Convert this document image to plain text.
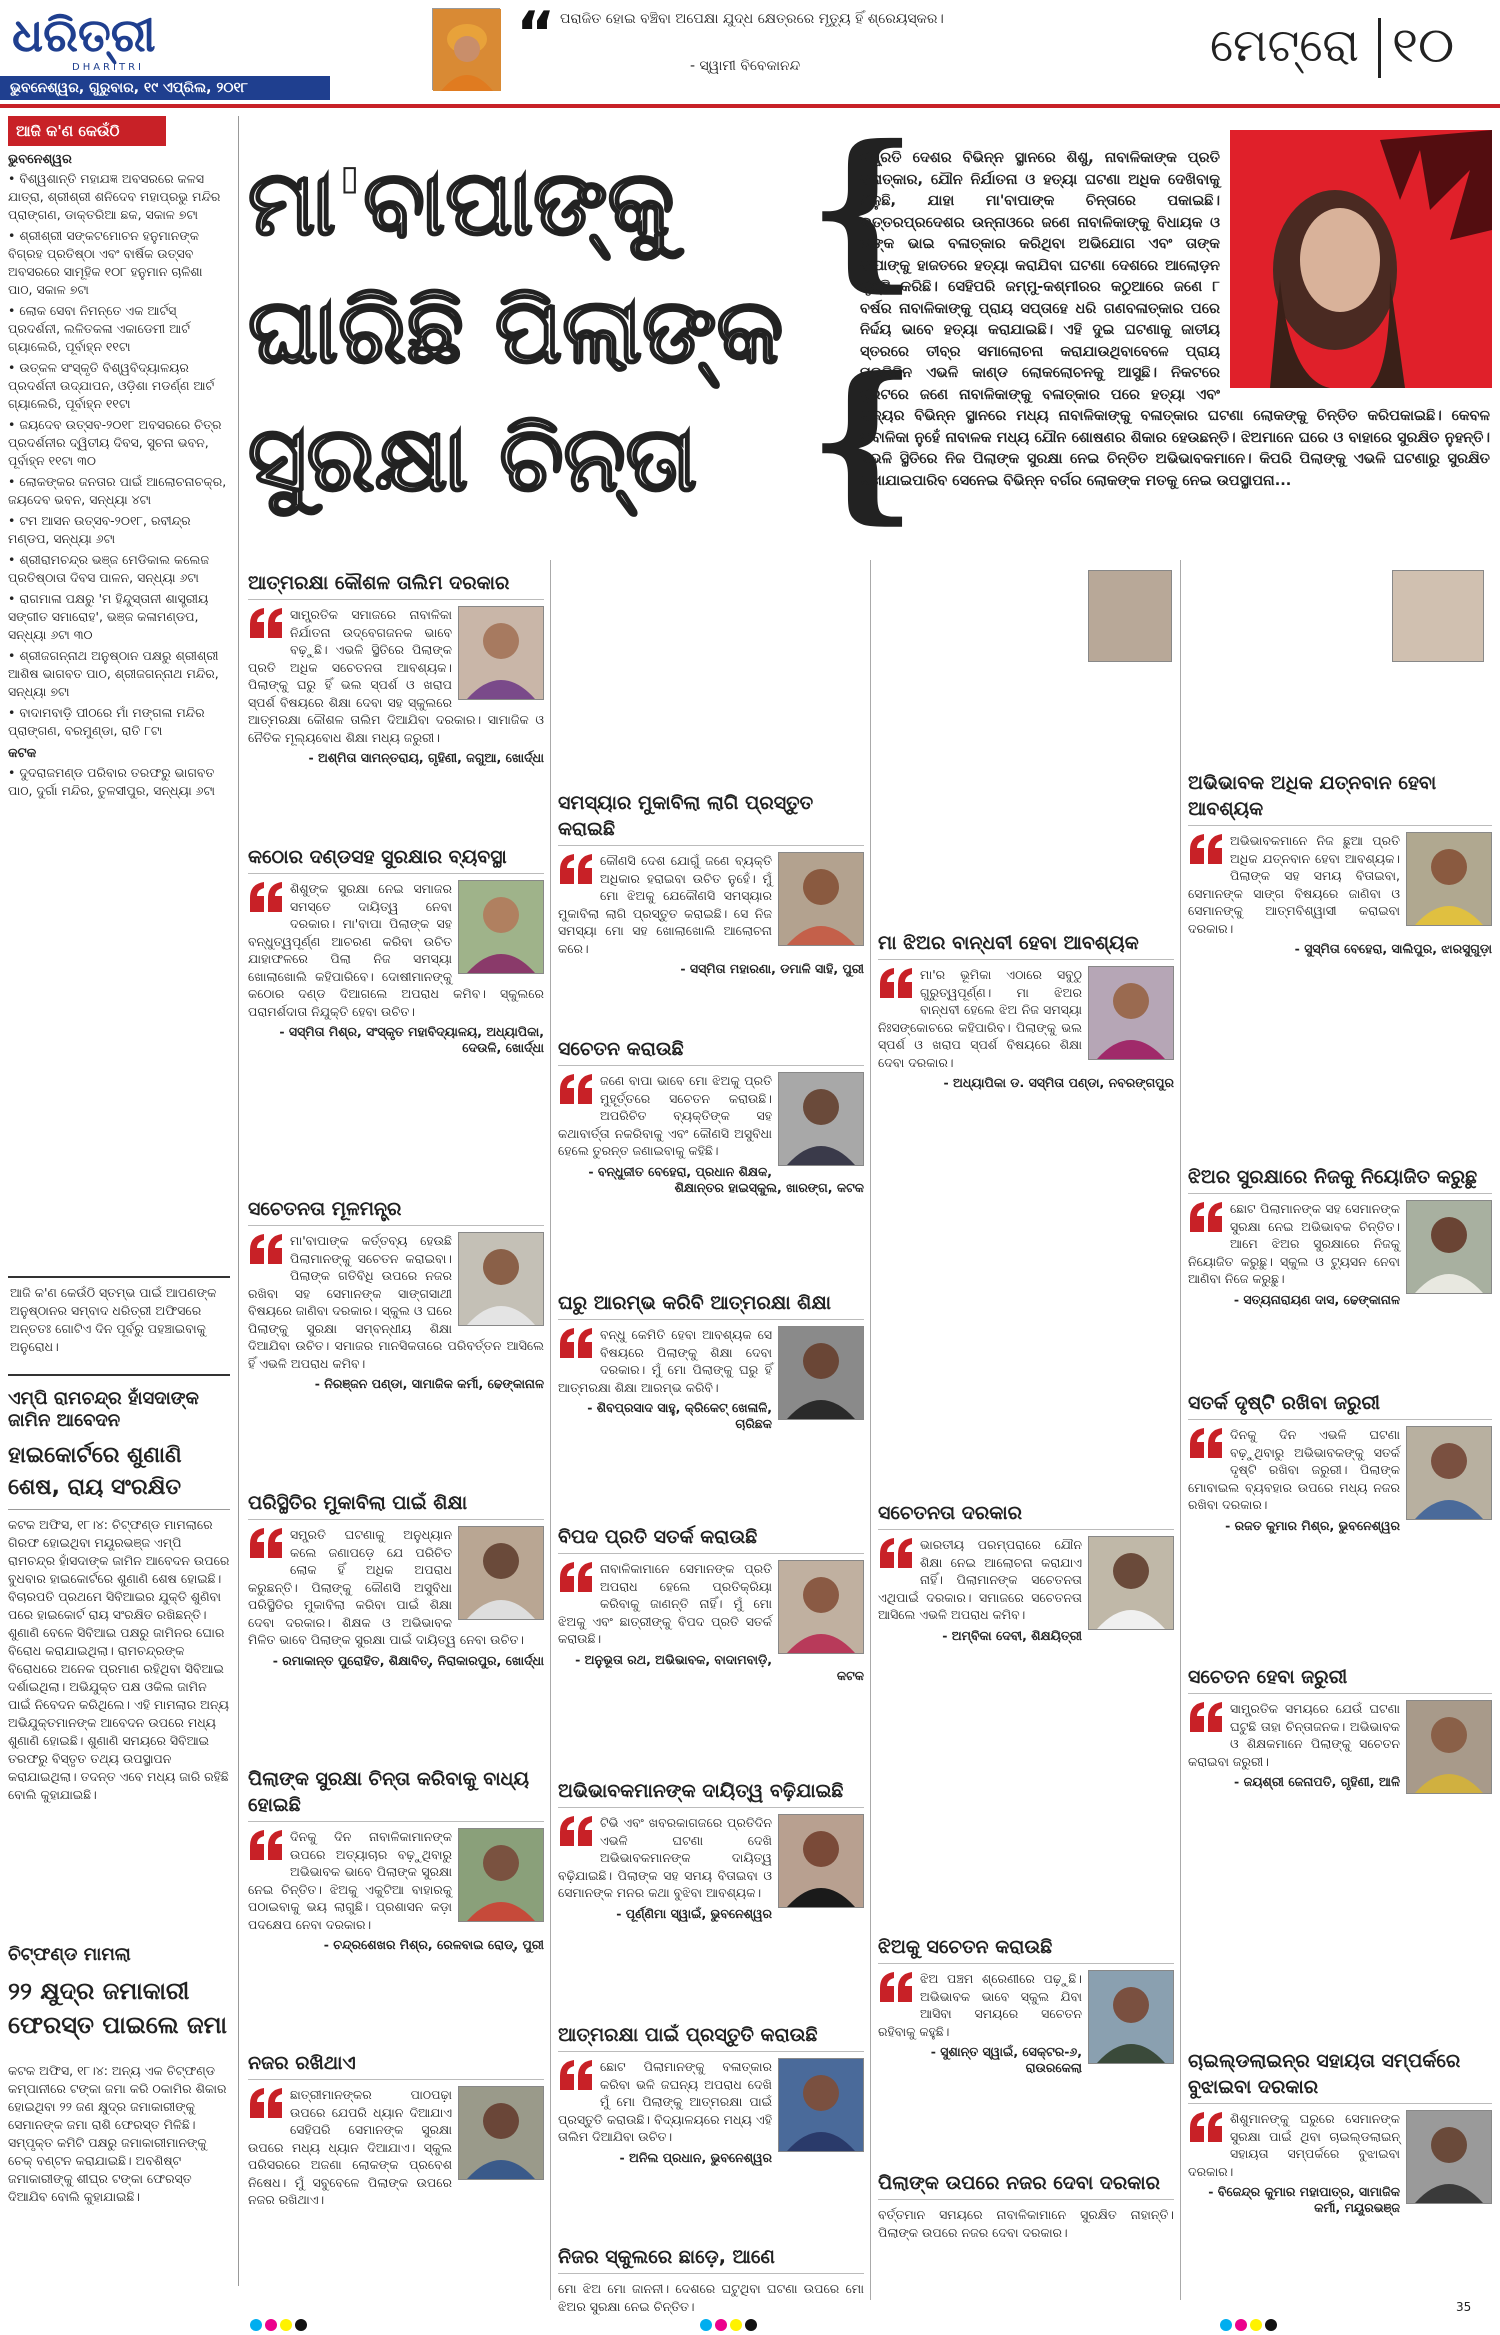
ଧରିତ୍ରୀ
DHARITRI
ଭୁବନେଶ୍ୱର, ଗୁରୁବାର, ୧୯ ଏପ୍ରିଲ, ୨୦୧୮
“ ପରାଜିତ ହୋଇ ବଞ୍ଚିବା ଅପେକ୍ଷା ଯୁଦ୍ଧ କ୍ଷେତ୍ରରେ ମୃତ୍ୟୁ ହିଁ ଶ୍ରେୟସ୍କର।
- ସ୍ୱାମୀ ବିବେକାନନ୍ଦ	ମେଟ୍ରୋ ୧୦
ଆଜି କ'ଣ କେଉଁଠି
ଭୁବନେଶ୍ୱର
• ବିଶ୍ୱଶାନ୍ତି ମହାଯଜ୍ଞ ଅବସରରେ କଳସ ଯାତ୍ରା, ଶ୍ରୀଶ୍ରୀ ଶନିଦେବ ମହାପ୍ରଭୁ ମନ୍ଦିର ପ୍ରାଙ୍ଗଣ, ଡାକ୍ତରିଆ ଛକ, ସକାଳ ୭ଟା
• ଶ୍ରୀଶ୍ରୀ ସଙ୍କଟମୋଚନ ହନୁମାନଙ୍କ ବିଗ୍ରହ ପ୍ରତିଷ୍ଠା ଏବଂ ବାର୍ଷିକ ଉତ୍ସବ ଅବସରରେ ସାମୂହିକ ୧୦୮ ହନୁମାନ ଚାଳିଶା ପାଠ, ସକାଳ ୭ଟା
• ଲୋକ ସେବା ନିମନ୍ତେ ଏକ ଆର୍ଟସ୍ ପ୍ରଦର୍ଶନୀ, ଲଳିତକଳା ଏକାଡେମୀ ଆର୍ଟ ଗ୍ୟାଲେରି, ପୂର୍ବାହ୍ନ ୧୧ଟା
• ଉତ୍କଳ ସଂସ୍କୃତି ବିଶ୍ୱବିଦ୍ୟାଳୟର ପ୍ରଦର୍ଶନୀ ଉଦ୍‌ଯାପନ, ଓଡ଼ିଶା ମଡର୍ଣ୍ଣ ଆର୍ଟ ଗ୍ୟାଲେରି, ପୂର୍ବାହ୍ନ ୧୧ଟା
• ଜୟଦେବ ଉତ୍ସବ-୨୦୧୮ ଅବସରରେ ଚିତ୍ର ପ୍ରଦର୍ଶନୀର ଦ୍ୱିତୀୟ ଦିବସ, ସୁଚନା ଭବନ, ପୂର୍ବାହ୍ନ ୧୧ଟା ୩୦
• ଲୋକଙ୍କର ଜନତାର ପାଇଁ ଆଲୋଚନାଚକ୍ର, ଜୟଦେବ ଭବନ, ସନ୍ଧ୍ୟା ୪ଟା
• ଟମ ଆସନ ଉତ୍ସବ-୨୦୧୮, ରବୀନ୍ଦ୍ର ମଣ୍ଡପ, ସନ୍ଧ୍ୟା ୬ଟା
• ଶ୍ରୀରାମଚନ୍ଦ୍ର ଭଞ୍ଜ ମେଡିକାଲ କଲେଜ ପ୍ରତିଷ୍ଠାତା ଦିବସ ପାଳନ, ସନ୍ଧ୍ୟା ୬ଟା
• ରାଗମାଳା ପକ୍ଷରୁ 'ମ ହିନ୍ଦୁସ୍ତାନୀ ଶାସ୍ତ୍ରୀୟ ସଙ୍ଗୀତ ସମାରୋହ', ଭଞ୍ଜ କଳାମଣ୍ଡପ, ସନ୍ଧ୍ୟା ୬ଟା ୩୦
• ଶ୍ରୀଜଗନ୍ନାଥ ଅନୁଷ୍ଠାନ ପକ୍ଷରୁ ଶ୍ରୀଶ୍ରୀ ଆଶିଷ ଭାଗବତ ପାଠ, ଶ୍ରୀଜଗନ୍ନାଥ ମନ୍ଦିର, ସନ୍ଧ୍ୟା ୭ଟା
• ବାଦାମବାଡ଼ି ପୀଠରେ ମାଁ ମଙ୍ଗଳା ମନ୍ଦିର ପ୍ରାଙ୍ଗଣ, ବରମୁଣ୍ଡା, ରାତି ୮ଟା
କଟକ
• ଦୁଦରାଜମଣ୍ଡ ପରିବାର ତରଫରୁ ଭାଗବତ ପାଠ, ଦୁର୍ଗା ମନ୍ଦିର, ତୁଳସୀପୁର, ସନ୍ଧ୍ୟା ୬ଟା
ଆଜି କ'ଣ କେଉଁଠି ସ୍ତମ୍ଭ ପାଇଁ ଆପଣଙ୍କ ଅନୁଷ୍ଠାନର ସମ୍ବାଦ ଧରିତ୍ରୀ ଅଫିସରେ ଅନ୍ତତଃ ଗୋଟିଏ ଦିନ ପୂର୍ବରୁ ପହଞ୍ଚାଇବାକୁ ଅନୁରୋଧ।
ଏମ୍‌ପି ରାମଚନ୍ଦ୍ର ହାଁସଦାଙ୍କ ଜାମିନ ଆବେଦନ
ହାଇକୋର୍ଟରେ ଶୁଣାଣି ଶେଷ, ରାୟ ସଂରକ୍ଷିତ
କଟକ ଅଫିସ, ୧୮।୪: ଚିଟ୍‌ଫଣ୍ଡ ମାମଲାରେ ଗିରଫ ହୋଇଥିବା ମୟୂରଭଞ୍ଜ ଏମ୍‌ପି ରାମଚନ୍ଦ୍ର ହାଁସଦାଙ୍କ ଜାମିନ ଆବେଦନ ଉପରେ ବୁଧବାର ହାଇକୋର୍ଟରେ ଶୁଣାଣି ଶେଷ ହୋଇଛି। ବିଚାରପତି ପ୍ରଥମେ ସିବିଆଇର ଯୁକ୍ତି ଶୁଣିବା ପରେ ହାଇକୋର୍ଟ ରାୟ ସଂରକ୍ଷିତ ରଖିଛନ୍ତି। ଶୁଣାଣି ବେଳେ ସିବିଆଇ ପକ୍ଷରୁ ଜାମିନର ଘୋର ବିରୋଧ କରାଯାଇଥିଲା। ରାମଚନ୍ଦ୍ରଙ୍କ ବିରୋଧରେ ଅନେକ ପ୍ରମାଣ ରହିଥିବା ସିବିଆଇ ଦର୍ଶାଇଥିଲା। ଅଭିଯୁକ୍ତ ପକ୍ଷ ଓକିଲ ଜାମିନ ପାଇଁ ନିବେଦନ କରିଥିଲେ। ଏହି ମାମଲାର ଅନ୍ୟ ଅଭିଯୁକ୍ତମାନଙ୍କ ଆବେଦନ ଉପରେ ମଧ୍ୟ ଶୁଣାଣି ହୋଇଛି। ଶୁଣାଣି ସମୟରେ ସିବିଆଇ ତରଫରୁ ବିସ୍ତୃତ ତଥ୍ୟ ଉପସ୍ଥାପନ କରାଯାଇଥିଲା। ତଦନ୍ତ ଏବେ ମଧ୍ୟ ଜାରି ରହିଛି ବୋଲି କୁହାଯାଇଛି।
ଚିଟ୍‌ଫଣ୍ଡ ମାମଲା
୨୨ କ୍ଷୁଦ୍ର ଜମାକାରୀ ଫେରସ୍ତ ପାଇଲେ ଜମା
କଟକ ଅଫିସ, ୧୮।୪: ଅନ୍ୟ ଏକ ଚିଟ୍‌ଫଣ୍ଡ କମ୍ପାନୀରେ ଟଙ୍କା ଜମା କରି ଠକାମିର ଶିକାର ହୋଇଥିବା ୨୨ ଜଣ କ୍ଷୁଦ୍ର ଜମାକାରୀଙ୍କୁ ସେମାନଙ୍କ ଜମା ରାଶି ଫେରସ୍ତ ମିଳିଛି। ସମ୍ପୃକ୍ତ କମିଟି ପକ୍ଷରୁ ଜମାକାରୀମାନଙ୍କୁ ଚେକ୍ ବଣ୍ଟନ କରାଯାଇଛି। ଅବଶିଷ୍ଟ ଜମାକାରୀଙ୍କୁ ଶୀଘ୍ର ଟଙ୍କା ଫେରସ୍ତ ଦିଆଯିବ ବୋଲି କୁହାଯାଇଛି।
ମା'ବାପାଙ୍କୁ
ଘାରିଛି ପିଲାଙ୍କ
ସୁରକ୍ଷା ଚିନ୍ତା
{
{
ସମ୍ପ୍ରତି ଦେଶର ବିଭିନ୍ନ ସ୍ଥାନରେ ଶିଶୁ, ନାବାଳିକାଙ୍କ ପ୍ରତି ବଳାତ୍କାର, ଯୌନ ନିର୍ଯାତନା ଓ ହତ୍ୟା ଘଟଣା ଅଧିକ ଦେଖିବାକୁ ମିଳୁଛି, ଯାହା ମା'ବାପାଙ୍କ ଚିନ୍ତାରେ ପକାଇଛି। ଉତ୍ତରପ୍ରଦେଶର ଉନ୍ନାଓରେ ଜଣେ ନାବାଳିକାଙ୍କୁ ବିଧାୟକ ଓ ତାଙ୍କ ଭାଇ ବଳାତ୍କାର କରିଥିବା ଅଭିଯୋଗ ଏବଂ ତାଙ୍କ ବାପାଙ୍କୁ ହାଜତରେ ହତ୍ୟା କରାଯିବା ଘଟଣା ଦେଶରେ ଆଲୋଡ଼ନ ସୃଷ୍ଟି କରିଛି। ସେହିପରି ଜମ୍ମୁ-କଶ୍ମୀରର କଠୁଆରେ ଜଣେ ୮ ବର୍ଷର ନାବାଳିକାଙ୍କୁ ପ୍ରାୟ ସପ୍ତାହେ ଧରି ଗଣବଳାତ୍କାର ପରେ ନିର୍ଦ୍ଦୟ ଭାବେ ହତ୍ୟା କରାଯାଇଛି। ଏହି ଦୁଇ ଘଟଣାକୁ ଜାତୀୟ ସ୍ତରରେ ତୀବ୍ର ସମାଲୋଚନା କରାଯାଉଥିବାବେଳେ ପ୍ରାୟ ପ୍ରତିଦିନ ଏଭଳି କାଣ୍ଡ ଲୋକଲୋଚନକୁ ଆସୁଛି। ନିକଟରେ ସୁରଟରେ ଜଣେ ନାବାଳିକାଙ୍କୁ ବଳାତ୍କାର ପରେ ହତ୍ୟା ଏବଂ ରାଜ୍ୟର ବିଭିନ୍ନ ସ୍ଥାନରେ ମଧ୍ୟ ନାବାଳିକାଙ୍କୁ ବଳାତ୍କାର ଘଟଣା ଲୋକଙ୍କୁ ଚିନ୍ତିତ କରିପକାଇଛି। କେବଳ ନାବାଳିକା ନୁହେଁ ନାବାଳକ ମଧ୍ୟ ଯୌନ ଶୋଷଣର ଶିକାର ହେଉଛନ୍ତି। ଝିଅମାନେ ଘରେ ଓ ବାହାରେ ସୁରକ୍ଷିତ ନୁହନ୍ତି। ଏଭଳି ସ୍ଥିତିରେ ନିଜ ପିଲାଙ୍କ ସୁରକ୍ଷା ନେଇ ଚିନ୍ତିତ ଅଭିଭାବକମାନେ। କିପରି ପିଲାଙ୍କୁ ଏଭଳି ଘଟଣାରୁ ସୁରକ୍ଷିତ ରଖାଯାଇପାରିବ ସେନେଇ ବିଭିନ୍ନ ବର୍ଗର ଲୋକଙ୍କ ମତକୁ ନେଇ ଉପସ୍ଥାପନା...
ଆତ୍ମରକ୍ଷା କୌଶଳ ତାଲିମ ଦରକାର
ସାମ୍ପ୍ରତିକ ସମାଜରେ ନାବାଳିକା ନିର୍ଯାତନା ଉଦ୍‌ବେଗଜନକ ଭାବେ ବଢ଼ୁଛି। ଏଭଳି ସ୍ଥିତିରେ ପିଲାଙ୍କ ପ୍ରତି ଅଧିକ ସଚେତନତା ଆବଶ୍ୟକ। ପିଲାଙ୍କୁ ଘରୁ ହିଁ ଭଲ ସ୍ପର୍ଶ ଓ ଖରାପ ସ୍ପର୍ଶ ବିଷୟରେ ଶିକ୍ଷା ଦେବା ସହ ସ୍କୁଲରେ ଆତ୍ମରକ୍ଷା କୌଶଳ ତାଲିମ ଦିଆଯିବା ଦରକାର। ସାମାଜିକ ଓ ନୈତିକ ମୂଲ୍ୟବୋଧ ଶିକ୍ଷା ମଧ୍ୟ ଜରୁରୀ।
- ଅଶ୍ମିତା ସାମନ୍ତରାୟ, ଗୃହିଣୀ, ଜଗୁଆ, ଖୋର୍ଦ୍ଧା
କଠୋର ଦଣ୍ଡସହ ସୁରକ୍ଷାର ବ୍ୟବସ୍ଥା
ଶିଶୁଙ୍କ ସୁରକ୍ଷା ନେଇ ସମାଜର ସମସ୍ତେ ଦାୟିତ୍ୱ ନେବା ଦରକାର। ମା'ବାପା ପିଲାଙ୍କ ସହ ବନ୍ଧୁତ୍ୱପୂର୍ଣ୍ଣ ଆଚରଣ କରିବା ଉଚିତ ଯାହାଫଳରେ ପିଲା ନିଜ ସମସ୍ୟା ଖୋଲାଖୋଲି କହିପାରିବେ। ଦୋଷୀମାନଙ୍କୁ କଠୋର ଦଣ୍ଡ ଦିଆଗଲେ ଅପରାଧ କମିବ। ସ୍କୁଲରେ ପରାମର୍ଶଦାତା ନିଯୁକ୍ତି ହେବା ଉଚିତ।
- ସସ୍ମିତା ମିଶ୍ର, ସଂସ୍କୃତ ମହାବିଦ୍ୟାଳୟ, ଅଧ୍ୟାପିକା, ଦେଉଳି, ଖୋର୍ଦ୍ଧା
ସଚେତନତା ମୂଳମନ୍ତ୍ର
ମା'ବାପାଙ୍କ କର୍ତ୍ତବ୍ୟ ହେଉଛି ପିଲାମାନଙ୍କୁ ସଚେତନ କରାଇବା। ପିଲାଙ୍କ ଗତିବିଧି ଉପରେ ନଜର ରଖିବା ସହ ସେମାନଙ୍କ ସାଙ୍ଗସାଥୀ ବିଷୟରେ ଜାଣିବା ଦରକାର। ସ୍କୁଲ ଓ ଘରେ ପିଲାଙ୍କୁ ସୁରକ୍ଷା ସମ୍ବନ୍ଧୀୟ ଶିକ୍ଷା ଦିଆଯିବା ଉଚିତ। ସମାଜର ମାନସିକତାରେ ପରିବର୍ତ୍ତନ ଆସିଲେ ହିଁ ଏଭଳି ଅପରାଧ କମିବ।
- ନିରଞ୍ଜନ ପଣ୍ଡା, ସାମାଜିକ କର୍ମୀ, ଢେଙ୍କାନାଳ
ପରିସ୍ଥିତିର ମୁକାବିଲା ପାଇଁ ଶିକ୍ଷା
ସମ୍ପ୍ରତି ଘଟଣାକୁ ଅନୁଧ୍ୟାନ କଲେ ଜଣାପଡ଼େ ଯେ ପରିଚିତ ଲୋକ ହିଁ ଅଧିକ ଅପରାଧ କରୁଛନ୍ତି। ପିଲାଙ୍କୁ କୌଣସି ଅସୁବିଧା ପରିସ୍ଥିତିର ମୁକାବିଲା କରିବା ପାଇଁ ଶିକ୍ଷା ଦେବା ଦରକାର। ଶିକ୍ଷକ ଓ ଅଭିଭାବକ ମିଳିତ ଭାବେ ପିଲାଙ୍କ ସୁରକ୍ଷା ପାଇଁ ଦାୟିତ୍ୱ ନେବା ଉଚିତ।
- ରମାକାନ୍ତ ପୁରୋହିତ, ଶିକ୍ଷାବିତ୍, ନିରାକାରପୁର, ଖୋର୍ଦ୍ଧା
ପିଲାଙ୍କ ସୁରକ୍ଷା ଚିନ୍ତା କରିବାକୁ ବାଧ୍ୟ ହୋଇଛି
ଦିନକୁ ଦିନ ନାବାଳିକାମାନଙ୍କ ଉପରେ ଅତ୍ୟାଚାର ବଢ଼ୁଥିବାରୁ ଅଭିଭାବକ ଭାବେ ପିଲାଙ୍କ ସୁରକ୍ଷା ନେଇ ଚିନ୍ତିତ। ଝିଅକୁ ଏକୁଟିଆ ବାହାରକୁ ପଠାଇବାକୁ ଭୟ ଲାଗୁଛି। ପ୍ରଶାସନ କଡ଼ା ପଦକ୍ଷେପ ନେବା ଦରକାର।
- ଚନ୍ଦ୍ରଶେଖର ମିଶ୍ର, ରେଳବାଇ ରୋଡ୍, ପୁରୀ
ନଜର ରଖିଥାଏ
ଛାତ୍ରୀମାନଙ୍କର ପାଠପଢ଼ା ଉପରେ ଯେପରି ଧ୍ୟାନ ଦିଆଯାଏ ସେହିପରି ସେମାନଙ୍କ ସୁରକ୍ଷା ଉପରେ ମଧ୍ୟ ଧ୍ୟାନ ଦିଆଯାଏ। ସ୍କୁଲ ପରିସରରେ ଅଜଣା ଲୋକଙ୍କ ପ୍ରବେଶ ନିଷେଧ। ମୁଁ ସବୁବେଳେ ପିଲାଙ୍କ ଉପରେ ନଜର ରଖିଥାଏ।
ସମସ୍ୟାର ମୁକାବିଲା ଲାଗି ପ୍ରସ୍ତୁତ କରାଇଛି
କୌଣସି ଦେଶ ଯୋଗୁଁ ଜଣେ ବ୍ୟକ୍ତି ଅଧିକାର ହରାଇବା ଉଚିତ ନୁହେଁ। ମୁଁ ମୋ ଝିଅକୁ ଯେକୌଣସି ସମସ୍ୟାର ମୁକାବିଲା ଲାଗି ପ୍ରସ୍ତୁତ କରାଇଛି। ସେ ନିଜ ସମସ୍ୟା ମୋ ସହ ଖୋଲାଖୋଲି ଆଲୋଚନା କରେ।
- ସସ୍ମିତା ମହାରଣା, ଡମାଳି ସାହି, ପୁରୀ
ସଚେତନ କରାଉଛି
ଜଣେ ବାପା ଭାବେ ମୋ ଝିଅକୁ ପ୍ରତି ମୁହୂର୍ତ୍ତରେ ସଚେତନ କରାଉଛି। ଅପରିଚିତ ବ୍ୟକ୍ତିଙ୍କ ସହ କଥାବାର୍ତ୍ତା ନକରିବାକୁ ଏବଂ କୌଣସି ଅସୁବିଧା ହେଲେ ତୁରନ୍ତ ଜଣାଇବାକୁ କହିଛି।
- ବନ୍ଧୁଜୀତ ବେହେରା, ପ୍ରଧାନ ଶିକ୍ଷକ, ଶିକ୍ଷାନ୍ତର ହାଇସ୍କୁଲ, ଖାରଙ୍ଗ, କଟକ
ଘରୁ ଆରମ୍ଭ କରିବି ଆତ୍ମରକ୍ଷା ଶିକ୍ଷା
ବନ୍ଧୁ କେମିତି ହେବା ଆବଶ୍ୟକ ସେ ବିଷୟରେ ପିଲାଙ୍କୁ ଶିକ୍ଷା ଦେବା ଦରକାର। ମୁଁ ମୋ ପିଲାଙ୍କୁ ଘରୁ ହିଁ ଆତ୍ମରକ୍ଷା ଶିକ୍ଷା ଆରମ୍ଭ କରିବି।
- ଶିବପ୍ରସାଦ ସାହୁ, କ୍ରିକେଟ୍ ଖେଳାଳି, ଚାରିଛକ
ବିପଦ ପ୍ରତି ସତର୍କ କରାଉଛି
ନାବାଳିକାମାନେ ସେମାନଙ୍କ ପ୍ରତି ଅପରାଧ ହେଲେ ପ୍ରତିକ୍ରିୟା କରିବାକୁ ଜାଣନ୍ତି ନାହିଁ। ମୁଁ ମୋ ଝିଅକୁ ଏବଂ ଛାତ୍ରୀଙ୍କୁ ବିପଦ ପ୍ରତି ସତର୍କ କରାଉଛି।
- ଅନୁଭୂତା ରଥ, ଅଭିଭାବକ, ବାଦାମବାଡ଼ି, କଟକ
ଅଭିଭାବକମାନଙ୍କ ଦାୟିତ୍ୱ ବଢ଼ିଯାଇଛି
ଟିଭି ଏବଂ ଖବରକାଗଜରେ ପ୍ରତିଦିନ ଏଭଳି ଘଟଣା ଦେଖି ଅଭିଭାବକମାନଙ୍କ ଦାୟିତ୍ୱ ବଢ଼ିଯାଇଛି। ପିଲାଙ୍କ ସହ ସମୟ ବିତାଇବା ଓ ସେମାନଙ୍କ ମନର କଥା ବୁଝିବା ଆବଶ୍ୟକ।
- ପୂର୍ଣ୍ଣିମା ସ୍ୱାଇଁ, ଭୁବନେଶ୍ୱର
ଆତ୍ମରକ୍ଷା ପାଇଁ ପ୍ରସ୍ତୁତି କରାଉଛି
ଛୋଟ ପିଲାମାନଙ୍କୁ ବଳାତ୍କାର କରିବା ଭଳି ଜଘନ୍ୟ ଅପରାଧ ଦେଖି ମୁଁ ମୋ ପିଲାଙ୍କୁ ଆତ୍ମରକ୍ଷା ପାଇଁ ପ୍ରସ୍ତୁତି କରାଉଛି। ବିଦ୍ୟାଳୟରେ ମଧ୍ୟ ଏହି ତାଲିମ ଦିଆଯିବା ଉଚିତ।
- ଅନିଲ ପ୍ରଧାନ, ଭୁବନେଶ୍ୱର
ନିଜର ସ୍କୁଲରେ ଛାଡ଼େ, ଆଣେ
ମୋ ଝିଅ ମୋ ଜାନନୀ। ଦେଶରେ ଘଟୁଥିବା ଘଟଣା ଉପରେ ମୋ ଝିଅର ସୁରକ୍ଷା ନେଇ ଚିନ୍ତିତ।
ମା ଝିଅର ବାନ୍ଧବୀ ହେବା ଆବଶ୍ୟକ
ମା'ର ଭୂମିକା ଏଠାରେ ସବୁଠୁ ଗୁରୁତ୍ୱପୂର୍ଣ୍ଣ। ମା ଝିଅର ବାନ୍ଧବୀ ହେଲେ ଝିଅ ନିଜ ସମସ୍ୟା ନିଃସଙ୍କୋଚରେ କହିପାରିବ। ପିଲାଙ୍କୁ ଭଲ ସ୍ପର୍ଶ ଓ ଖରାପ ସ୍ପର୍ଶ ବିଷୟରେ ଶିକ୍ଷା ଦେବା ଦରକାର।
- ଅଧ୍ୟାପିକା ଡ. ସସ୍ମିତା ପଣ୍ଡା, ନବରଙ୍ଗପୁର
ସଚେତନତା ଦରକାର
ଭାରତୀୟ ପରମ୍ପରାରେ ଯୌନ ଶିକ୍ଷା ନେଇ ଆଲୋଚନା କରାଯାଏ ନାହିଁ। ପିଲାମାନଙ୍କ ସଚେତନତା ଏଥିପାଇଁ ଦରକାର। ସମାଜରେ ସଚେତନତା ଆସିଲେ ଏଭଳି ଅପରାଧ କମିବ।
- ଅମ୍ବିକା ଦେବୀ, ଶିକ୍ଷୟିତ୍ରୀ
ଝିଅକୁ ସଚେତନ କରାଉଛି
ଝିଅ ପଞ୍ଚମ ଶ୍ରେଣୀରେ ପଢ଼ୁଛି। ଅଭିଭାବକ ଭାବେ ସ୍କୁଲ ଯିବା ଆସିବା ସମୟରେ ସଚେତନ ରହିବାକୁ କହୁଛି।
- ସୁଶାନ୍ତ ସ୍ୱାଇଁ, ସେକ୍ଟର-୬, ରାଉରକେଲା
ପିଲାଙ୍କ ଉପରେ ନଜର ଦେବା ଦରକାର
ବର୍ତ୍ତମାନ ସମୟରେ ନାବାଳିକାମାନେ ସୁରକ୍ଷିତ ନାହାନ୍ତି। ପିଲାଙ୍କ ଉପରେ ନଜର ଦେବା ଦରକାର।
ଅଭିଭାବକ ଅଧିକ ଯତ୍ନବାନ ହେବା ଆବଶ୍ୟକ
ଅଭିଭାବକମାନେ ନିଜ ଛୁଆ ପ୍ରତି ଅଧିକ ଯତ୍ନବାନ ହେବା ଆବଶ୍ୟକ। ପିଲାଙ୍କ ସହ ସମୟ ବିତାଇବା, ସେମାନଙ୍କ ସାଙ୍ଗ ବିଷୟରେ ଜାଣିବା ଓ ସେମାନଙ୍କୁ ଆତ୍ମବିଶ୍ୱାସୀ କରାଇବା ଦରକାର।
- ସୁସ୍ମିତା ବେହେରା, ସାଲିପୁର, ଝାରସୁଗୁଡ଼ା
ଝିଅର ସୁରକ୍ଷାରେ ନିଜକୁ ନିୟୋଜିତ କରୁଛୁ
ଛୋଟ ପିଲାମାନଙ୍କ ସହ ସେମାନଙ୍କ ସୁରକ୍ଷା ନେଇ ଅଭିଭାବକ ଚିନ୍ତିତ। ଆମେ ଝିଅର ସୁରକ୍ଷାରେ ନିଜକୁ ନିୟୋଜିତ କରୁଛୁ। ସ୍କୁଲ ଓ ଟ୍ୟୁସନ ନେବା ଆଣିବା ନିଜେ କରୁଛୁ।
- ସତ୍ୟନାରାୟଣ ଦାସ, ଢେଙ୍କାନାଳ
ସତର୍କ ଦୃଷ୍ଟି ରଖିବା ଜରୁରୀ
ଦିନକୁ ଦିନ ଏଭଳି ଘଟଣା ବଢ଼ୁଥିବାରୁ ଅଭିଭାବକଙ୍କୁ ସତର୍କ ଦୃଷ୍ଟି ରଖିବା ଜରୁରୀ। ପିଲାଙ୍କ ମୋବାଇଲ ବ୍ୟବହାର ଉପରେ ମଧ୍ୟ ନଜର ରଖିବା ଦରକାର।
- ରଜତ କୁମାର ମିଶ୍ର, ଭୁବନେଶ୍ୱର
ସଚେତନ ହେବା ଜରୁରୀ
ସାମ୍ପ୍ରତିକ ସମୟରେ ଯେଉଁ ଘଟଣା ଘଟୁଛି ତାହା ଚିନ୍ତାଜନକ। ଅଭିଭାବକ ଓ ଶିକ୍ଷକମାନେ ପିଲାଙ୍କୁ ସଚେତନ କରାଇବା ଜରୁରୀ।
- ଜୟଶ୍ରୀ ଜେନାପତି, ଗୃହିଣୀ, ଆଳି
ଚାଇଲ୍ଡଲାଇନ୍‌ର ସହାୟତା ସମ୍ପର୍କରେ ବୁଝାଇବା ଦରକାର
ଶିଶୁମାନଙ୍କୁ ଘରୁରେ ସେମାନଙ୍କ ସୁରକ୍ଷା ପାଇଁ ଥିବା ଚାଇଲ୍ଡଲାଇନ୍ ସହାୟତା ସମ୍ପର୍କରେ ବୁଝାଇବା ଦରକାର।
- ବିଜେନ୍ଦ୍ର କୁମାର ମହାପାତ୍ର, ସାମାଜିକ କର୍ମୀ, ମୟୂରଭଞ୍ଜ
35
